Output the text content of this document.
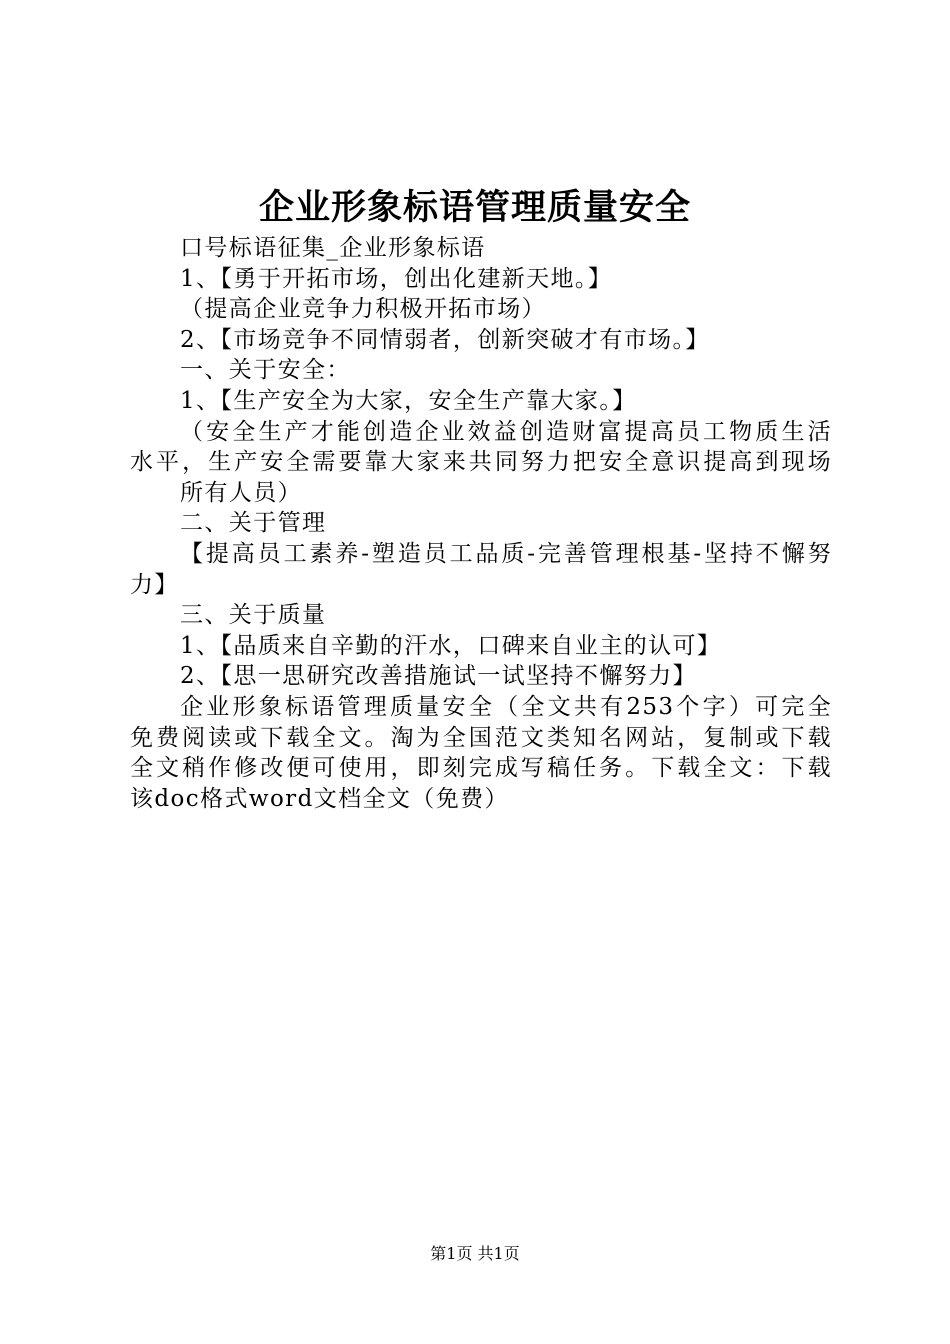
企业形象标语管理质量安全
口号标语征集_企业形象标语
1、【勇于开拓市场，创出化建新天地。】
（提高企业竞争力积极开拓市场）
2、【市场竞争不同情弱者，创新突破才有市场。】
一、关于安全：
1、【生产安全为大家，安全生产靠大家。】
（安全生产才能创造企业效益创造财富提高员工物质生活
水平，生产安全需要靠大家来共同努力把安全意识提高到现场
所有人员）
二、关于管理
【提高员工素养-塑造员工品质-完善管理根基-坚持不懈努
力】
三、关于质量
1、【品质来自辛勤的汗水，口碑来自业主的认可】
2、【思一思研究改善措施试一试坚持不懈努力】
企业形象标语管理质量安全（全文共有253个字）可完全
免费阅读或下载全文。淘为全国范文类知名网站，复制或下载
全文稍作修改便可使用，即刻完成写稿任务。下载全文：下载
该doc格式word文档全文（免费）
第1页 共1页
